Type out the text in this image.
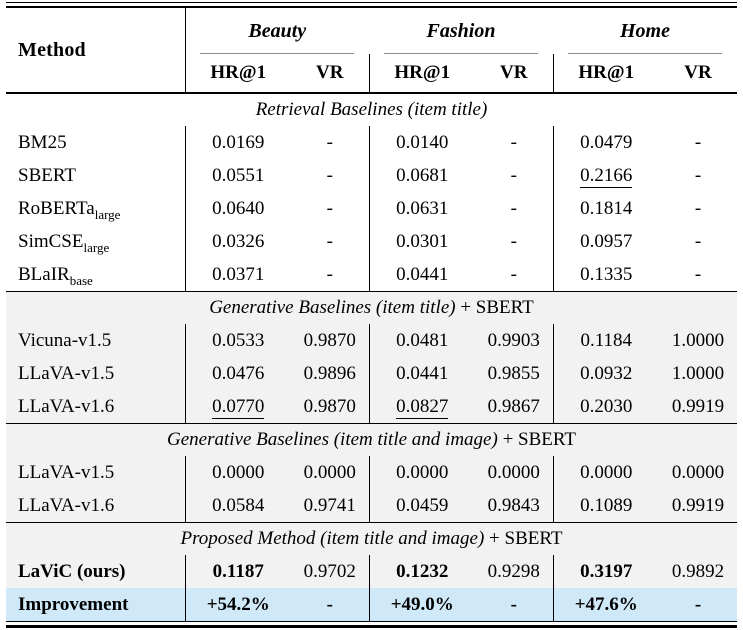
Method	Beauty		Fashion		Home	

	HR@1	VR	HR@1	VR	HR@1	VR
Retrieval Baselines (item title)						
BM25	0.0169	-	0.0140	-	0.0479	-
SBERT	0.0551	-	0.0681	-	0.2166	-
RoBERTa$_{large}$	0.0640	-	0.0631	-	0.1814	-
SimCSE$_{large}$	0.0326	-	0.0301	-	0.0957	-
BLaIR$_{base}$	0.0371	-	0.0441	-	0.1335	-
Generative Baselines (item title) + SBERT						
Vicuna-v1.5	0.0533	0.9870	0.0481	0.9903	0.1184	1.0000
LLaVA-v1.5	0.0476	0.9896	0.0441	0.9855	0.0932	1.0000
LLaVA-v1.6	0.0770	0.9870	0.0827	0.9867	0.2030	0.9919
Generative Baselines (item title and image) + SBERT						
LLaVA-v1.5	0.0000	0.0000	0.0000	0.0000	0.0000	0.0000
LLaVA-v1.6	0.0584	0.9741	0.0459	0.9843	0.1089	0.9919
Proposed Method (item title and image) + SBERT						
LaViC (ours)	0.1187	0.9702	0.1232	0.9298	0.3197	0.9892
Improvement	+54.2%	-	+49.0%	-	+47.6%	-
